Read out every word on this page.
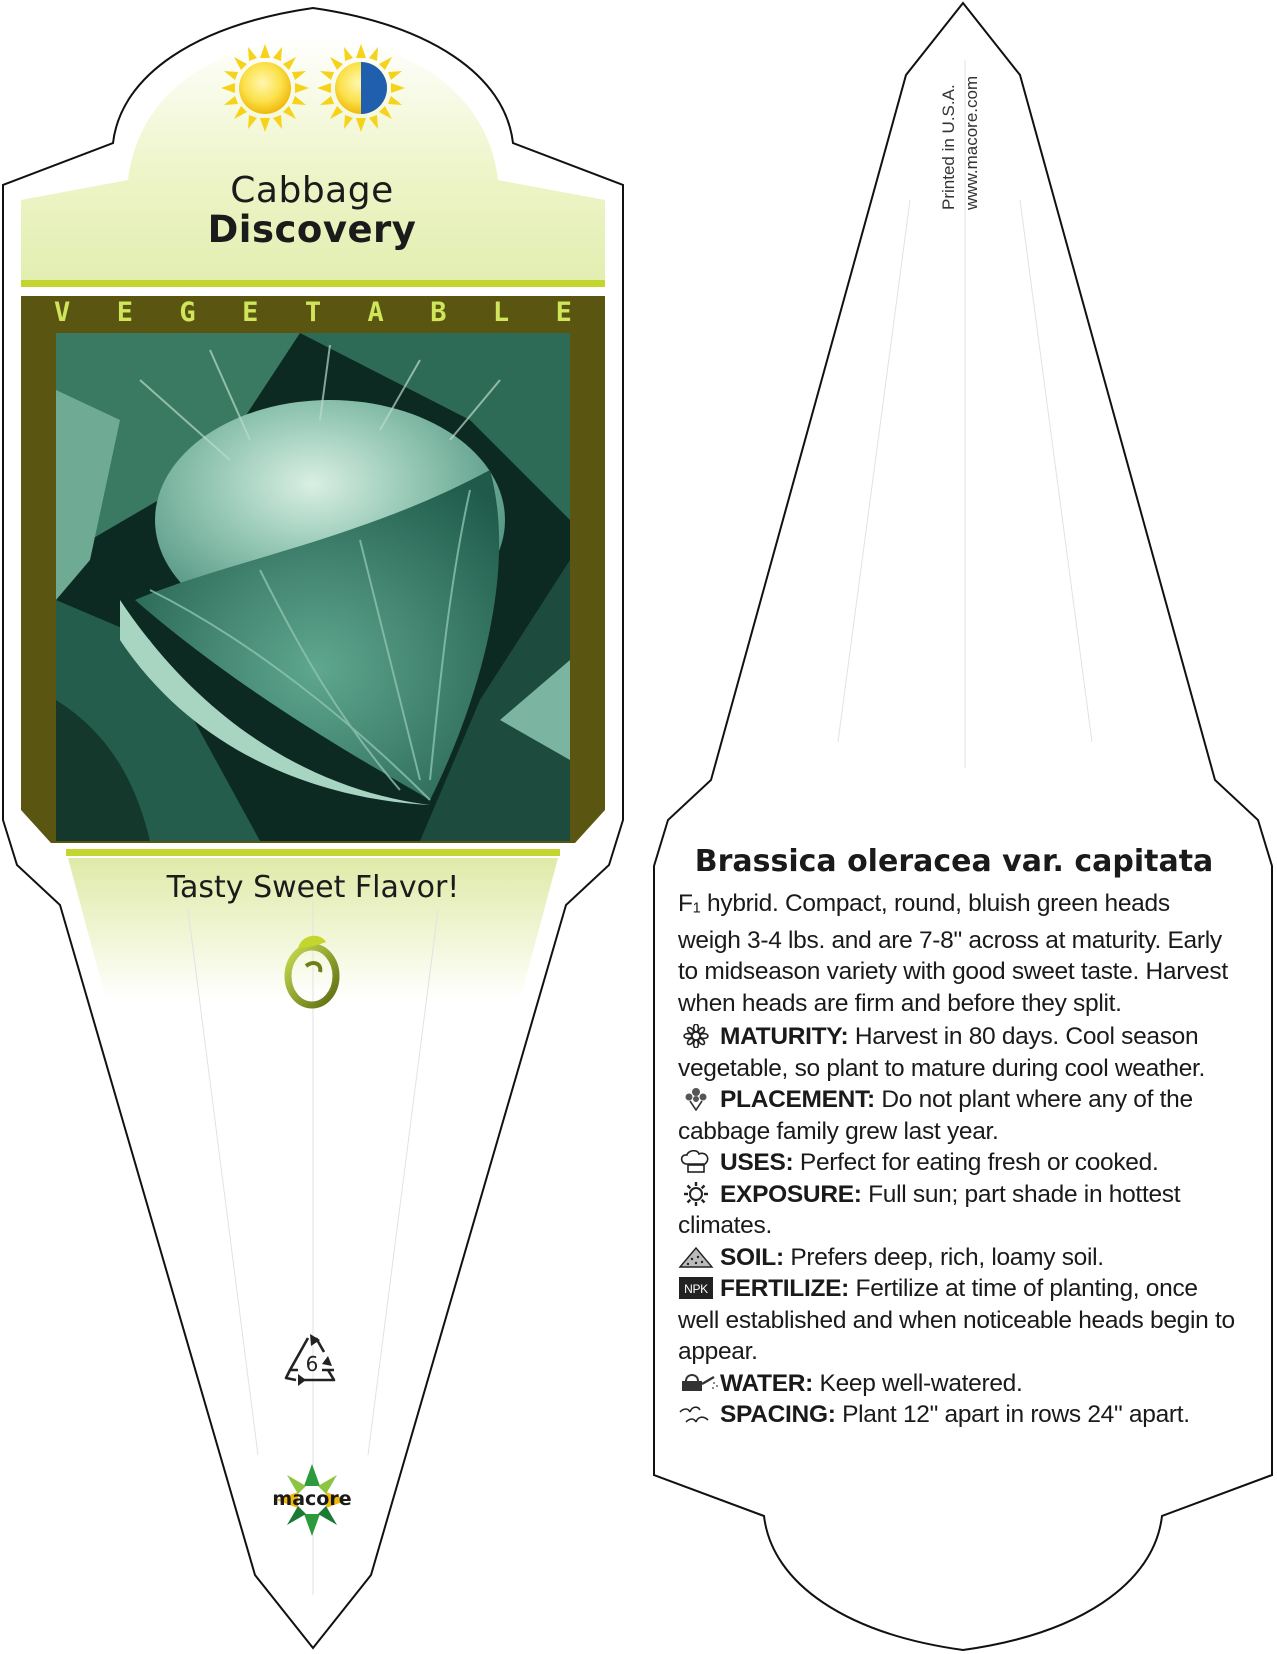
Cabbage
Discovery
V E G E T A B L E
Tasty Sweet Flavor!
6
macore
Printed in U.S.A. www.macore.com
Brassica oleracea var. capitata

F1 hybrid. Compact, round, bluish green heads weigh 3-4 lbs. and are 7-8" across at maturity. Early to midseason variety with good sweet taste. Harvest when heads are firm and before they split.

MATURITY: Harvest in 80 days. Cool season vegetable, so plant to mature during cool weather.

PLACEMENT: Do not plant where any of the cabbage family grew last year.

USES: Perfect for eating fresh or cooked.

EXPOSURE: Full sun; part shade in hottest climates.

SOIL: Prefers deep, rich, loamy soil.

NPK FERTILIZE: Fertilize at time of planting, once well established and when noticeable heads begin to appear.

WATER: Keep well-watered.

SPACING: Plant 12" apart in rows 24" apart.
